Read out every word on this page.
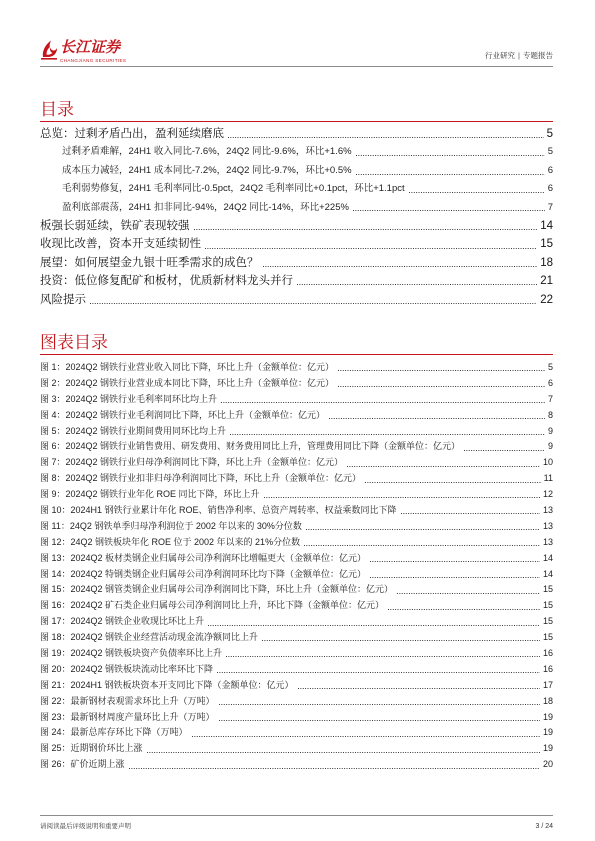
长江证券
CHANGJIANG SECURITIES
行业研究 | 专题报告
目录
总览：过剩矛盾凸出，盈利延续磨底	5
过剩矛盾难解，24H1 收入同比-7.6%，24Q2 同比-9.6%，环比+1.6%	5
成本压力减轻，24H1 成本同比-7.2%，24Q2 同比-9.7%，环比+0.5%	6
毛利弱势修复，24H1 毛利率同比-0.5pct，24Q2 毛利率同比+0.1pct，环比+1.1pct	6
盈利底部震荡，24H1 扣非同比-94%，24Q2 同比-14%，环比+225%	7
板强长弱延续，铁矿表现较强	14
收现比改善，资本开支延续韧性	15
展望：如何展望金九银十旺季需求的成色？	18
投资：低位修复配矿和板材，优质新材料龙头并行	21
风险提示	22
图表目录
图 1：2024Q2 钢铁行业营业收入同比下降，环比上升（金额单位：亿元）	5
图 2：2024Q2 钢铁行业营业成本同比下降，环比上升（金额单位：亿元）	6
图 3：2024Q2 钢铁行业毛利率同环比均上升	7
图 4：2024Q2 钢铁行业毛利润同比下降，环比上升（金额单位：亿元）	8
图 5：2024Q2 钢铁行业期间费用同环比均上升	9
图 6：2024Q2 钢铁行业销售费用、研发费用、财务费用同比上升，管理费用同比下降（金额单位：亿元）	9
图 7：2024Q2 钢铁行业归母净利润同比下降，环比上升（金额单位：亿元）	10
图 8：2024Q2 钢铁行业扣非归母净利润同比下降，环比上升（金额单位：亿元）	11
图 9：2024Q2 钢铁行业年化 ROE 同比下降，环比上升	12
图 10：2024H1 钢铁行业累计年化 ROE、销售净利率、总资产周转率、权益乘数同比下降	13
图 11：24Q2 钢铁单季归母净利润位于 2002 年以来的 30%分位数	13
图 12：24Q2 钢铁板块年化 ROE 位于 2002 年以来的 21%分位数	13
图 13：2024Q2 板材类钢企业归属母公司净利润环比增幅更大（金额单位：亿元）	14
图 14：2024Q2 特钢类钢企业归属母公司净利润同环比均下降（金额单位：亿元）	14
图 15：2024Q2 钢管类钢企业归属母公司净利润同比下降，环比上升（金额单位：亿元）	15
图 16：2024Q2 矿石类企业归属母公司净利润同比上升，环比下降（金额单位：亿元）	15
图 17：2024Q2 钢铁企业收现比环比上升	15
图 18：2024Q2 钢铁企业经营活动现金流净额同比上升	15
图 19：2024Q2 钢铁板块资产负债率环比上升	16
图 20：2024Q2 钢铁板块流动比率环比下降	16
图 21：2024H1 钢铁板块资本开支同比下降（金额单位：亿元）	17
图 22：最新钢材表观需求环比上升（万吨）	18
图 23：最新钢材周度产量环比上升（万吨）	19
图 24：最新总库存环比下降（万吨）	19
图 25：近期钢价环比上涨	19
图 26：矿价近期上涨	20
请阅读最后评级说明和重要声明	3 / 24
